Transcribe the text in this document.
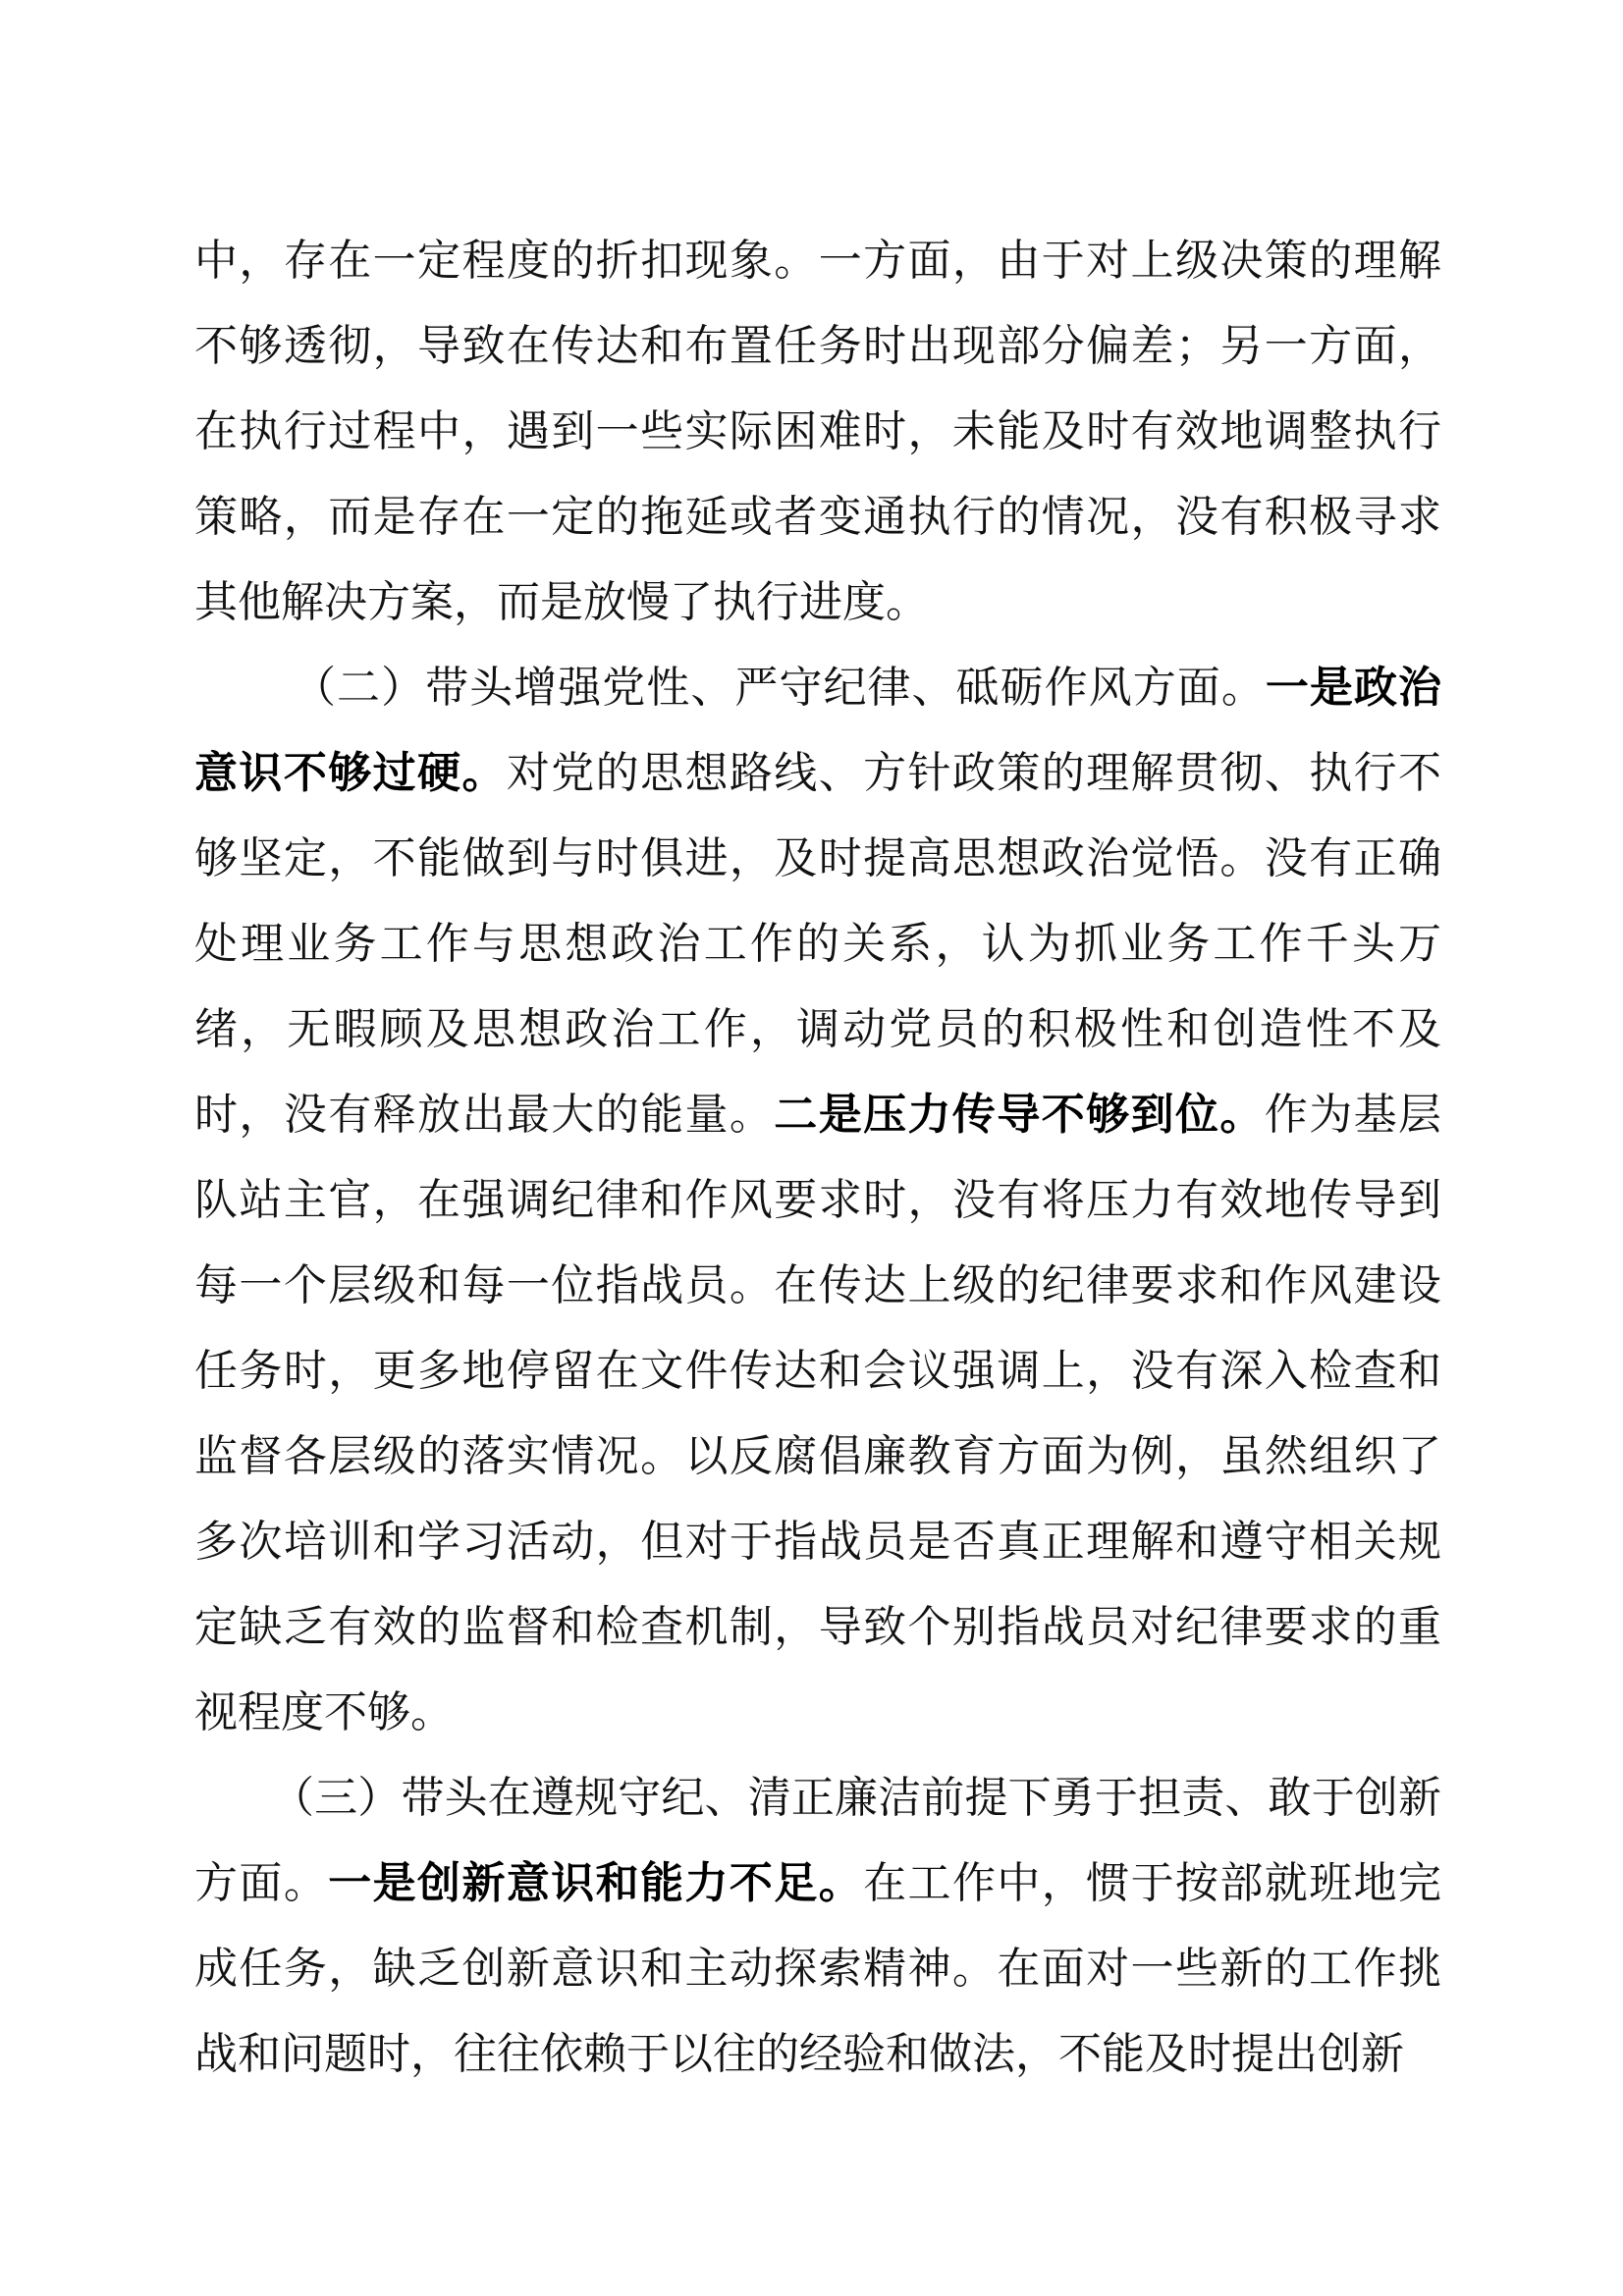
中，存在一定程度的折扣现象。一方面，由于对上级决策的理解不够透彻，导致在传达和布置任务时出现部分偏差；另一方面，在执行过程中，遇到一些实际困难时，未能及时有效地调整执行策略，而是存在一定的拖延或者变通执行的情况，没有积极寻求其他解决方案，而是放慢了执行进度。

（二）带头增强党性、严守纪律、砥砺作风方面。一是政治意识不够过硬。对党的思想路线、方针政策的理解贯彻、执行不够坚定，不能做到与时俱进，及时提高思想政治觉悟。没有正确处理业务工作与思想政治工作的关系，认为抓业务工作千头万绪，无暇顾及思想政治工作，调动党员的积极性和创造性不及时，没有释放出最大的能量。二是压力传导不够到位。作为基层队站主官，在强调纪律和作风要求时，没有将压力有效地传导到每一个层级和每一位指战员。在传达上级的纪律要求和作风建设任务时，更多地停留在文件传达和会议强调上，没有深入检查和监督各层级的落实情况。以反腐倡廉教育方面为例，虽然组织了多次培训和学习活动，但对于指战员是否真正理解和遵守相关规定缺乏有效的监督和检查机制，导致个别指战员对纪律要求的重视程度不够。

（三）带头在遵规守纪、清正廉洁前提下勇于担责、敢于创新方面。一是创新意识和能力不足。在工作中，惯于按部就班地完成任务，缺乏创新意识和主动探索精神。在面对一些新的工作挑战和问题时，往往依赖于以往的经验和做法，不能及时提出创新
